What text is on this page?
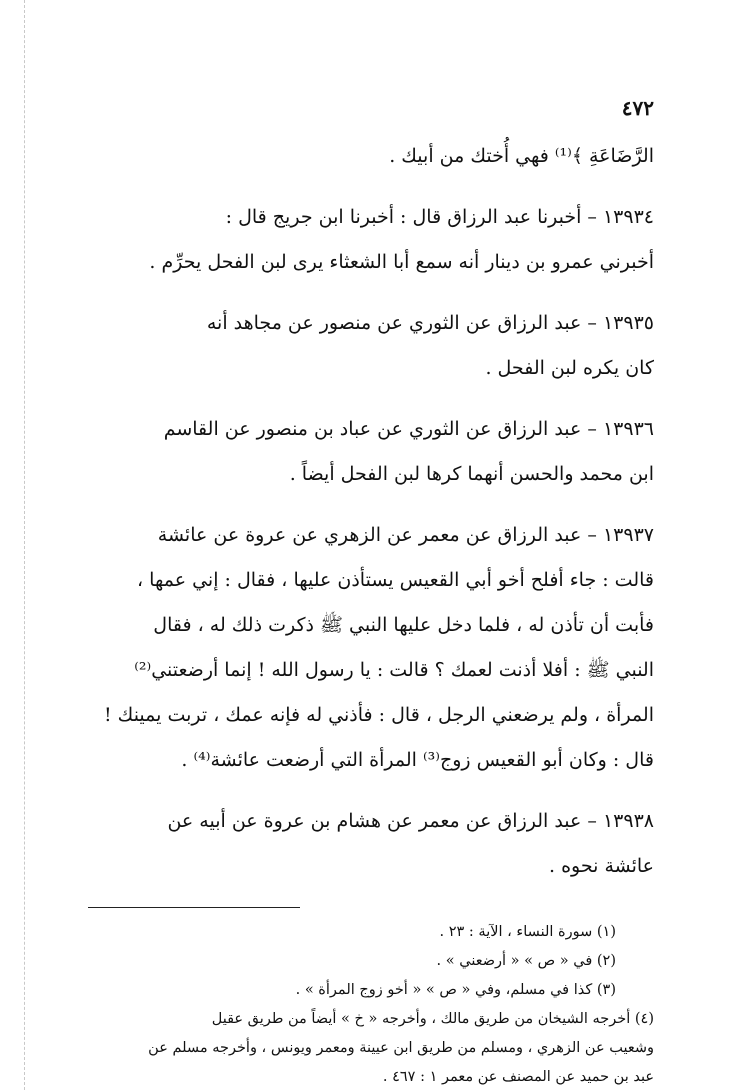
٤٧٢
الرَّضَاعَةِ ﴾⁽¹⁾ فهي أُختك من أبيك .
١٣٩٣٤ – أخبرنا عبد الرزاق قال : أخبرنا ابن جريج قال :
أخبرني عمرو بن دينار أنه سمع أبا الشعثاء يرى لبن الفحل يحرِّم .
١٣٩٣٥ – عبد الرزاق عن الثوري عن منصور عن مجاهد أنه
كان يكره لبن الفحل .
١٣٩٣٦ – عبد الرزاق عن الثوري عن عباد بن منصور عن القاسم
ابن محمد والحسن أنهما كرها لبن الفحل أيضاً .
١٣٩٣٧ – عبد الرزاق عن معمر عن الزهري عن عروة عن عائشة
قالت : جاء أفلح أخو أبي القعيس يستأذن عليها ، فقال : إني عمها ،
فأبت أن تأذن له ، فلما دخل عليها النبي ﷺ ذكرت ذلك له ، فقال
النبي ﷺ : أفلا أذنت لعمك ؟ قالت : يا رسول الله ! إنما أرضعتني⁽²⁾
المرأة ، ولم يرضعني الرجل ، قال : فأذني له فإنه عمك ، تربت يمينك !
قال : وكان أبو القعيس زوج⁽³⁾ المرأة التي أرضعت عائشة⁽⁴⁾ .
١٣٩٣٨ – عبد الرزاق عن معمر عن هشام بن عروة عن أبيه عن
عائشة نحوه .
(١) سورة النساء ، الآية : ٢٣ .
(٢) في « ص » « أرضعني » .
(٣) كذا في مسلم، وفي « ص » « أخو زوج المرأة » .
(٤) أخرجه الشيخان من طريق مالك ، وأخرجه « خ » أيضاً من طريق عقيل
وشعيب عن الزهري ، ومسلم من طريق ابن عيينة ومعمر ويونس ، وأخرجه مسلم عن
عبد بن حميد عن المصنف عن معمر ١ : ٤٦٧ .
